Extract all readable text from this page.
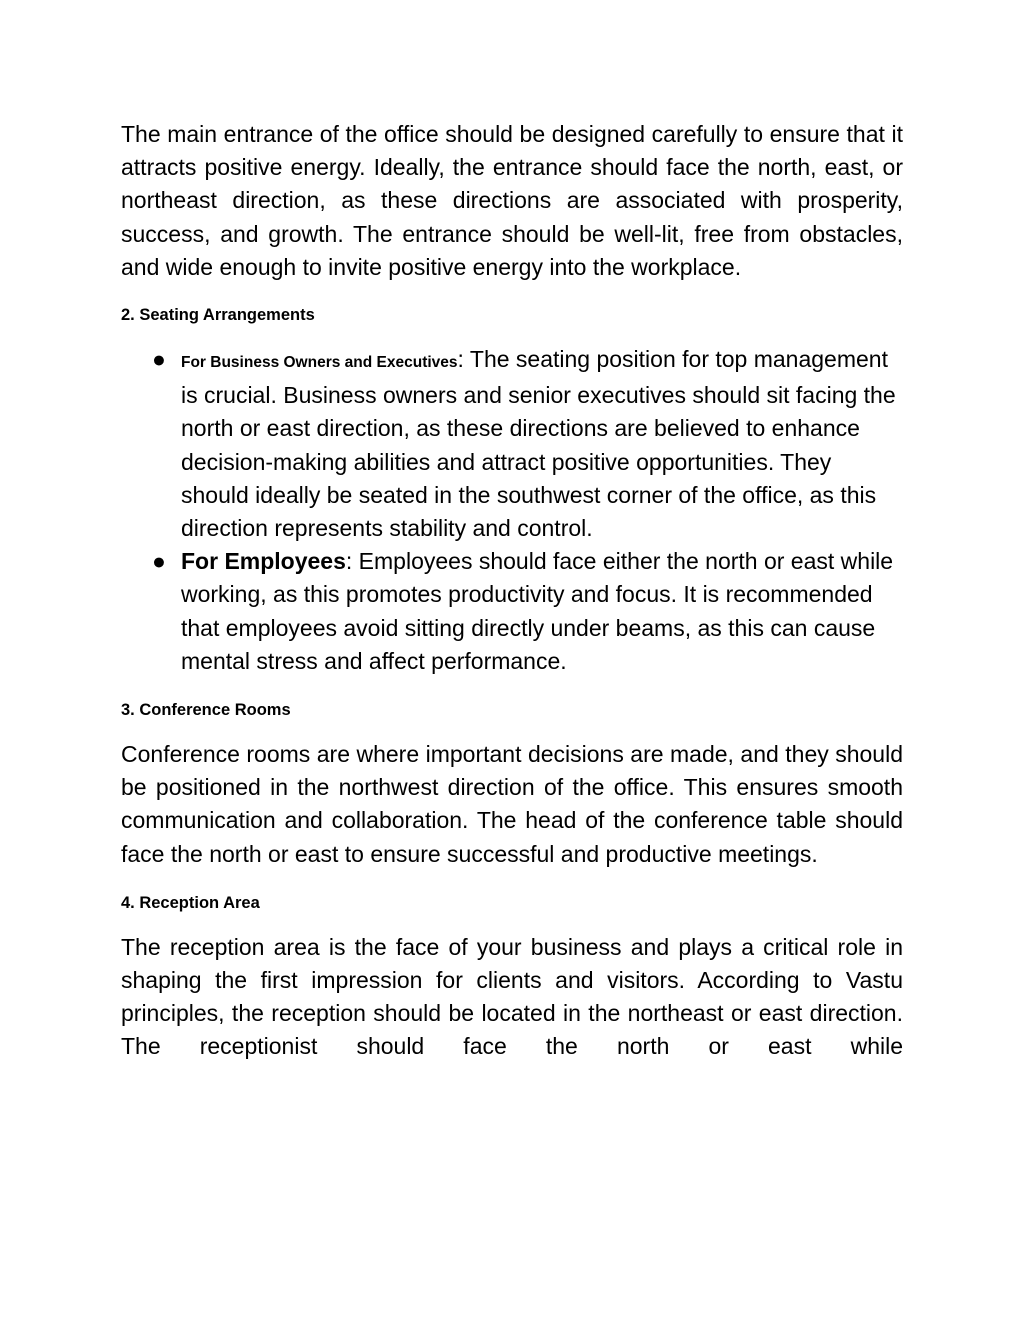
The main entrance of the office should be designed carefully to ensure that it attracts positive energy. Ideally, the entrance should face the north, east, or northeast direction, as these directions are associated with prosperity, success, and growth. The entrance should be well-lit, free from obstacles, and wide enough to invite positive energy into the workplace.

2. Seating Arrangements
● For Business Owners and Executives: The seating position for top management is crucial. Business owners and senior executives should sit facing the north or east direction, as these directions are believed to enhance decision-making abilities and attract positive opportunities. They should ideally be seated in the southwest corner of the office, as this direction represents stability and control.
● For Employees: Employees should face either the north or east while working, as this promotes productivity and focus. It is recommended that employees avoid sitting directly under beams, as this can cause mental stress and affect performance.
3. Conference Rooms

Conference rooms are where important decisions are made, and they should be positioned in the northwest direction of the office. This ensures smooth communication and collaboration. The head of the conference table should face the north or east to ensure successful and productive meetings.

4. Reception Area

The reception area is the face of your business and plays a critical role in shaping the first impression for clients and visitors. According to Vastu principles, the reception should be located in the northeast or east direction. The receptionist should face the north or east while
